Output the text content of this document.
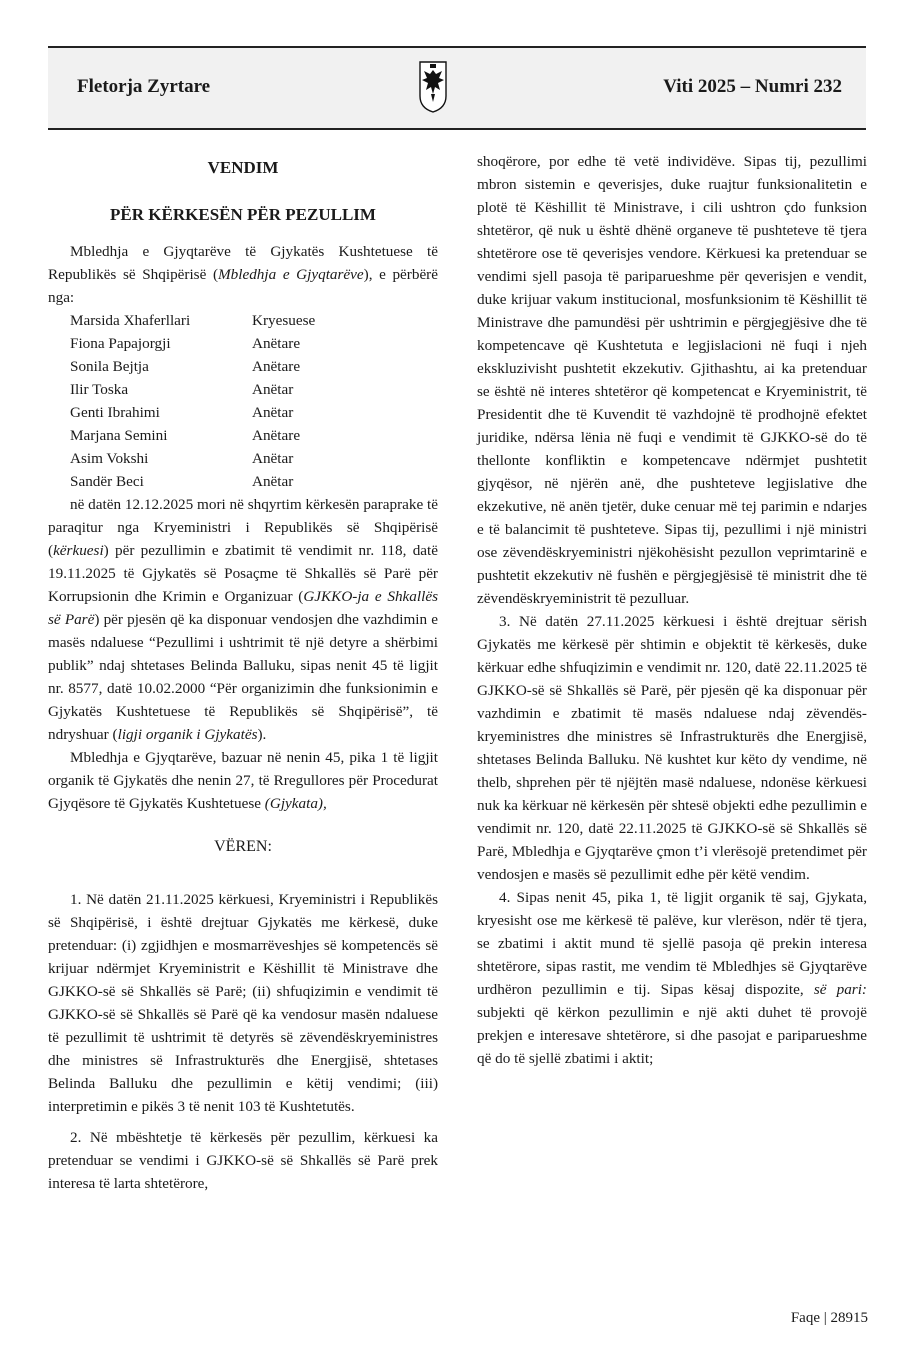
Fletorja Zyrtare	Viti 2025 – Numri 232
VENDIM
PËR KËRKESËN PËR PEZULLIM

Mbledhja e Gjyqtarëve të Gjykatës Kushtetuese të Republikës së Shqipërisë (Mbledhja e Gjyqtarëve), e përbërë nga:

Marsida Xhaferllari	Kryesuese
Fiona Papajorgji	Anëtare
Sonila Bejtja	Anëtare
Ilir Toska	Anëtar
Genti Ibrahimi	Anëtar
Marjana Semini	Anëtare
Asim Vokshi	Anëtar
Sandër Beci	Anëtar

në datën 12.12.2025 mori në shqyrtim kërkesën paraprake të paraqitur nga Kryeministri i Republikës së Shqipërisë (kërkuesi) për pezullimin e zbatimit të vendimit nr. 118, datë 19.11.2025 të Gjykatës së Posaçme të Shkallës së Parë për Korrupsionin dhe Krimin e Organizuar (GJKKO-ja e Shkallës së Parë) për pjesën që ka disponuar vendosjen dhe vazhdimin e masës ndaluese “Pezullimi i ushtrimit të një detyre a shërbimi publik” ndaj shtetases Belinda Balluku, sipas nenit 45 të ligjit nr. 8577, datë 10.02.2000 “Për organizimin dhe funksionimin e Gjykatës Kushtetuese të Republikës së Shqipërisë”, të ndryshuar (ligji organik i Gjykatës).

Mbledhja e Gjyqtarëve, bazuar në nenin 45, pika 1 të ligjit organik të Gjykatës dhe nenin 27, të Rregullores për Procedurat Gjyqësore të Gjykatës Kushtetuese (Gjykata),

VËREN:

1. Në datën 21.11.2025 kërkuesi, Kryeministri i Republikës së Shqipërisë, i është drejtuar Gjykatës me kërkesë, duke pretenduar: (i) zgjidhjen e mosmarrëveshjes së kompetencës së krijuar ndërmjet Kryeministrit e Këshillit të Ministrave dhe GJKKO-së së Shkallës së Parë; (ii) shfuqizimin e vendimit të GJKKO-së së Shkallës së Parë që ka vendosur masën ndaluese të pezullimit të ushtrimit të detyrës së zëvendëskryeministres dhe ministres së Infrastrukturës dhe Energjisë, shtetases Belinda Balluku dhe pezullimin e këtij vendimi; (iii) interpretimin e pikës 3 të nenit 103 të Kushtetutës.

2. Në mbështetje të kërkesës për pezullim, kërkuesi ka pretenduar se vendimi i GJKKO-së së Shkallës së Parë prek interesa të larta shtetërore,

shoqërore, por edhe të vetë individëve. Sipas tij, pezullimi mbron sistemin e qeverisjes, duke ruajtur funksionalitetin e plotë të Këshillit të Ministrave, i cili ushtron çdo funksion shtetëror, që nuk u është dhënë organeve të pushteteve të tjera shtetërore ose të qeverisjes vendore. Kërkuesi ka pretenduar se vendimi sjell pasoja të pariparueshme për qeverisjen e vendit, duke krijuar vakum institucional, mosfunksionim të Këshillit të Ministrave dhe pamundësi për ushtrimin e përgjegjësive dhe të kompetencave që Kushtetuta e legjislacioni në fuqi i njeh ekskluzivisht pushtetit ekzekutiv. Gjithashtu, ai ka pretenduar se është në interes shtetëror që kompetencat e Kryeministrit, të Presidentit dhe të Kuvendit të vazhdojnë të prodhojnë efektet juridike, ndërsa lënia në fuqi e vendimit të GJKKO-së do të thellonte konfliktin e kompetencave ndërmjet pushtetit gjyqësor, në njërën anë, dhe pushteteve legjislative dhe ekzekutive, në anën tjetër, duke cenuar më tej parimin e ndarjes e të balancimit të pushteteve. Sipas tij, pezullimi i një ministri ose zëvendëskryeministri njëkohësisht pezullon veprimtarinë e pushtetit ekzekutiv në fushën e përgjegjësisë të ministrit dhe të zëvendëskryeministrit të pezulluar.

3. Në datën 27.11.2025 kërkuesi i është drejtuar sërish Gjykatës me kërkesë për shtimin e objektit të kërkesës, duke kërkuar edhe shfuqizimin e vendimit nr. 120, datë 22.11.2025 të GJKKO-së së Shkallës së Parë, për pjesën që ka disponuar për vazhdimin e zbatimit të masës ndaluese ndaj zëvendës-kryeministres dhe ministres së Infrastrukturës dhe Energjisë, shtetases Belinda Balluku. Në kushtet kur këto dy vendime, në thelb, shprehen për të njëjtën masë ndaluese, ndonëse kërkuesi nuk ka kërkuar në kërkesën për shtesë objekti edhe pezullimin e vendimit nr. 120, datë 22.11.2025 të GJKKO-së së Shkallës së Parë, Mbledhja e Gjyqtarëve çmon t’i vlerësojë pretendimet për vendosjen e masës së pezullimit edhe për këtë vendim.

4. Sipas nenit 45, pika 1, të ligjit organik të saj, Gjykata, kryesisht ose me kërkesë të palëve, kur vlerëson, ndër të tjera, se zbatimi i aktit mund të sjellë pasoja që prekin interesa shtetërore, sipas rastit, me vendim të Mbledhjes së Gjyqtarëve urdhëron pezullimin e tij. Sipas kësaj dispozite, së pari: subjekti që kërkon pezullimin e një akti duhet të provojë prekjen e interesave shtetërore, si dhe pasojat e pariparueshme që do të sjellë zbatimi i aktit;

Faqe | 28915
